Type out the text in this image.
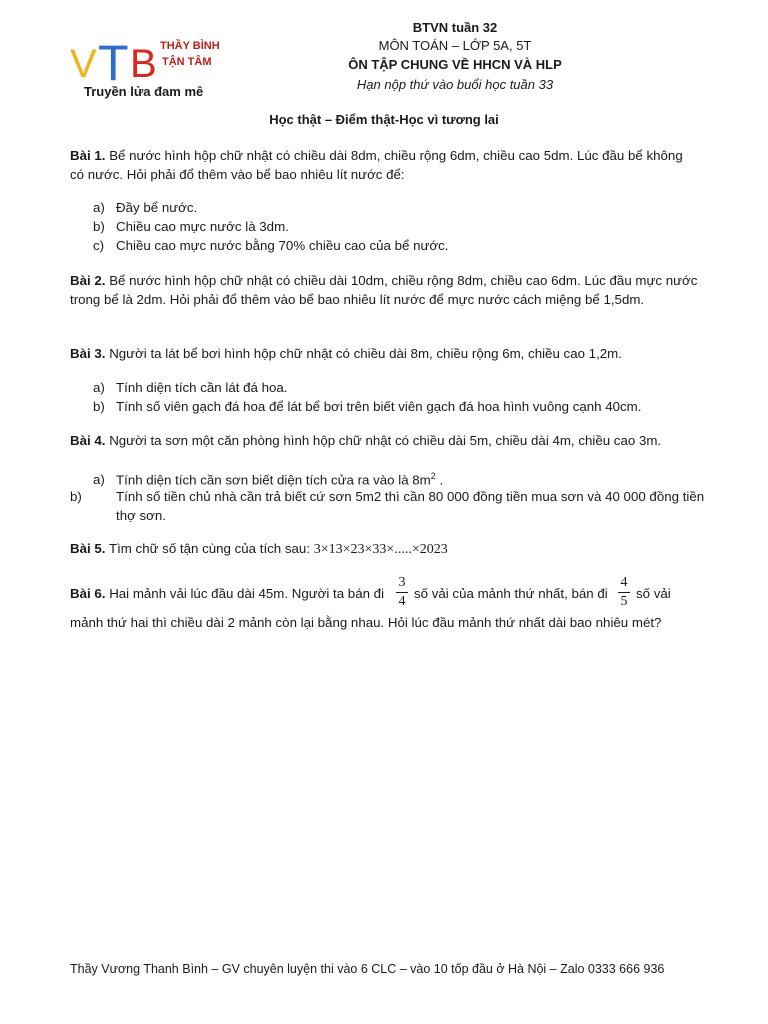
V T B THẦY BÌNH
TẬN TÂM
Truyền lửa đam mê
BTVN tuần 32
MÔN TOÁN – LỚP 5A, 5T
ÔN TẬP CHUNG VỀ HHCN VÀ HLP
Hạn nộp thứ vào buổi học tuần 33
Học thật – Điểm thật-Học vì tương lai
Bài 1. Bể nước hình hộp chữ nhật có chiều dài 8dm, chiều rộng 6dm, chiều cao 5dm. Lúc đầu bể không có nước. Hỏi phải đổ thêm vào bể bao nhiêu lít nước để:
a) Đầy bể nước.
b) Chiều cao mực nước là 3dm.
c) Chiều cao mực nước bằng 70% chiều cao của bể nước.
Bài 2. Bể nước hình hộp chữ nhật có chiều dài 10dm, chiều rộng 8dm, chiều cao 6dm. Lúc đầu mực nước trong bể là 2dm. Hỏi phải đổ thêm vào bể bao nhiêu lít nước để mực nước cách miệng bể 1,5dm.
Bài 3. Người ta lát bể bơi hình hộp chữ nhật có chiều dài 8m, chiều rộng 6m, chiều cao 1,2m.
a) Tính diện tích cần lát đá hoa.
b) Tính số viên gạch đá hoa để lát bể bơi trên biết viên gạch đá hoa hình vuông cạnh 40cm.
Bài 4. Người ta sơn một căn phòng hình hộp chữ nhật có chiều dài 5m, chiều dài 4m, chiều cao 3m.
a) Tính diện tích cần sơn biết diện tích cửa ra vào là $8m^2$ .
b)	Tính số tiền chủ nhà cần trả biết cứ sơn 5m2 thì cần 80 000 đồng tiền mua sơn và 40 000 đồng tiền thợ sơn.
Bài 5. Tìm chữ số tận cùng của tích sau: 3×13×23×33×.....×2023
Bài 6. Hai mảnh vải lúc đầu dài 45m. Người ta bán đi
3
4
số vải của mảnh thứ nhất, bán đi
4
5
số vải
mảnh thứ hai thì chiều dài 2 mảnh còn lại bằng nhau. Hỏi lúc đầu mảnh thứ nhất dài bao nhiêu mét?
Thầy Vương Thanh Bình – GV chuyên luyện thi vào 6 CLC – vào 10 tốp đầu ở Hà Nội – Zalo 0333 666 936
